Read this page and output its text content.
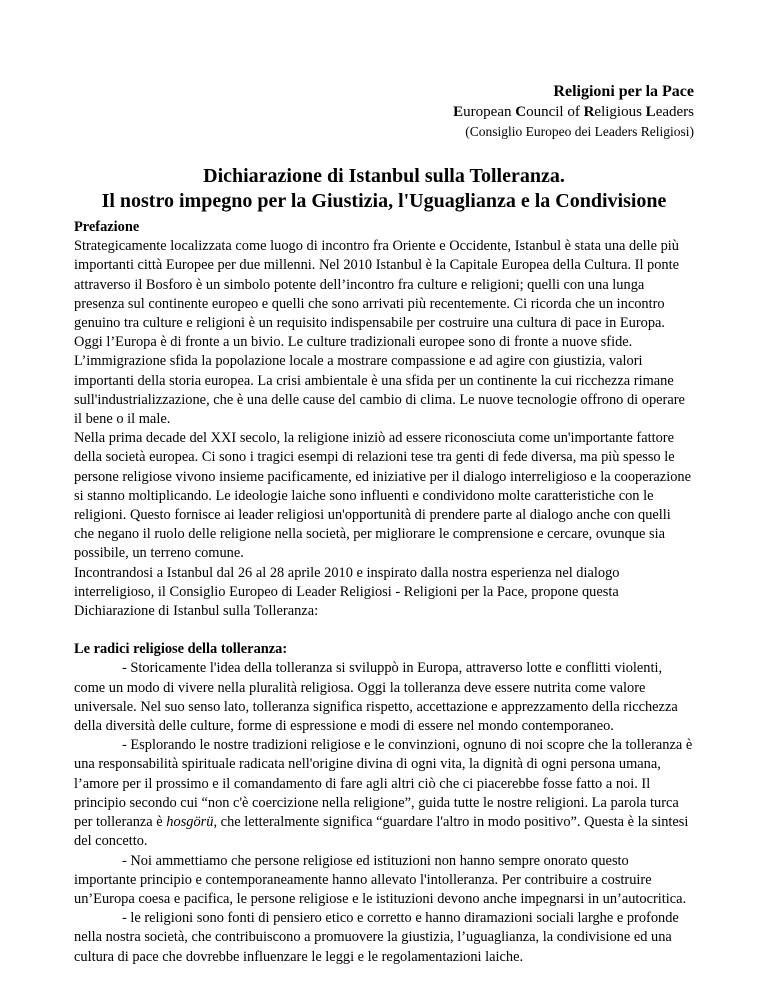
Religioni per la Pace
European Council of Religious Leaders
(Consiglio Europeo dei Leaders Religiosi)
Dichiarazione di Istanbul sulla Tolleranza.
Il nostro impegno per la Giustizia, l'Uguaglianza e la Condivisione

Prefazione

Strategicamente localizzata come luogo di incontro fra Oriente e Occidente, Istanbul è stata una delle più importanti città Europee per due millenni. Nel 2010 Istanbul è la Capitale Europea della Cultura. Il ponte attraverso il Bosforo è un simbolo potente dell’incontro fra culture e religioni; quelli con una lunga presenza sul continente europeo e quelli che sono arrivati più recentemente. Ci ricorda che un incontro genuino tra culture e religioni è un requisito indispensabile per costruire una cultura di pace in Europa.

Oggi l’Europa è di fronte a un bivio. Le culture tradizionali europee sono di fronte a nuove sfide. L’immigrazione sfida la popolazione locale a mostrare compassione e ad agire con giustizia, valori importanti della storia europea. La crisi ambientale è una sfida per un continente la cui ricchezza rimane sull'industrializzazione, che è una delle cause del cambio di clima. Le nuove tecnologie offrono di operare il bene o il male.

Nella prima decade del XXI secolo, la religione iniziò ad essere riconosciuta come un'importante fattore della società europea. Ci sono i tragici esempi di relazioni tese tra genti di fede diversa, ma più spesso le persone religiose vivono insieme pacificamente, ed iniziative per il dialogo interreligioso e la cooperazione si stanno moltiplicando. Le ideologie laiche sono influenti e condividono molte caratteristiche con le religioni. Questo fornisce ai leader religiosi un'opportunità di prendere parte al dialogo anche con quelli che negano il ruolo delle religione nella società, per migliorare le comprensione e cercare, ovunque sia possibile, un terreno comune.

Incontrandosi a Istanbul dal 26 al 28 aprile 2010 e inspirato dalla nostra esperienza nel dialogo interreligioso, il Consiglio Europeo di Leader Religiosi - Religioni per la Pace, propone questa Dichiarazione di Istanbul sulla Tolleranza:

Le radici religiose della tolleranza:

- Storicamente l'idea della tolleranza si sviluppò in Europa, attraverso lotte e conflitti violenti, come un modo di vivere nella pluralità religiosa. Oggi la tolleranza deve essere nutrita come valore universale. Nel suo senso lato, tolleranza significa rispetto, accettazione e apprezzamento della ricchezza della diversità delle culture, forme di espressione e modi di essere nel mondo contemporaneo.

- Esplorando le nostre tradizioni religiose e le convinzioni, ognuno di noi scopre che la tolleranza è una responsabilità spirituale radicata nell'origine divina di ogni vita, la dignità di ogni persona umana, l’amore per il prossimo e il comandamento di fare agli altri ciò che ci piacerebbe fosse fatto a noi. Il principio secondo cui “non c'è coercizione nella religione”, guida tutte le nostre religioni. La parola turca per tolleranza è hosgörü, che letteralmente significa “guardare l'altro in modo positivo”. Questa è la sintesi del concetto.

- Noi ammettiamo che persone religiose ed istituzioni non hanno sempre onorato questo importante principio e contemporaneamente hanno allevato l'intolleranza. Per contribuire a costruire un’Europa coesa e pacifica, le persone religiose e le istituzioni devono anche impegnarsi in un’autocritica.

- le religioni sono fonti di pensiero etico e corretto e hanno diramazioni sociali larghe e profonde nella nostra società, che contribuiscono a promuovere la giustizia, l’uguaglianza, la condivisione ed una cultura di pace che dovrebbe influenzare le leggi e le regolamentazioni laiche.
